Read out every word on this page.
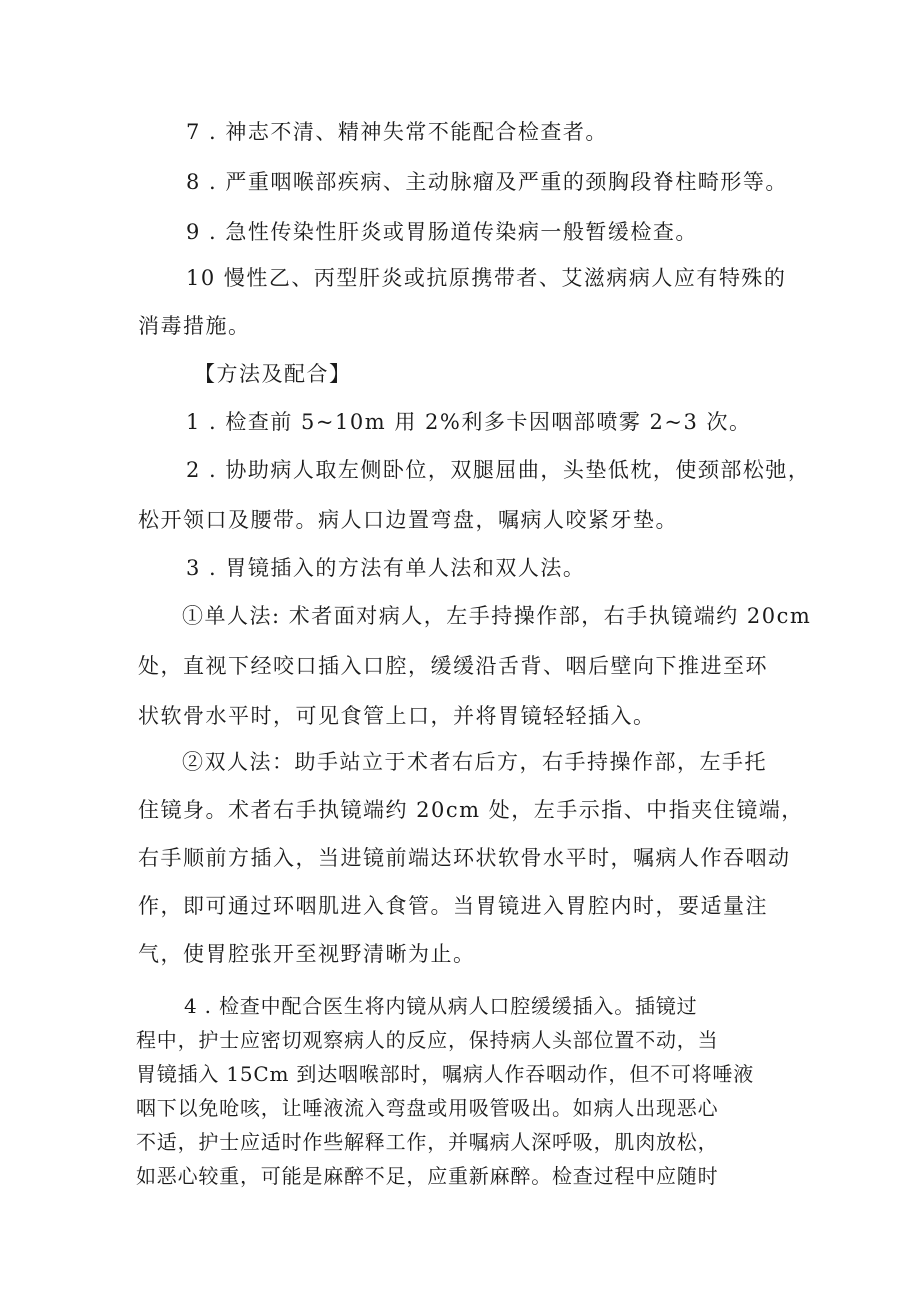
7 . 神志不清、精神失常不能配合检查者。
8 . 严重咽喉部疾病、主动脉瘤及严重的颈胸段脊柱畸形等。
9 . 急性传染性肝炎或胃肠道传染病一般暂缓检查。
10 慢性乙、丙型肝炎或抗原携带者、艾滋病病人应有特殊的
消毒措施。
【方法及配合】
1 . 检查前 5~10m 用 2%利多卡因咽部喷雾 2~3 次。
2 . 协助病人取左侧卧位，双腿屈曲，头垫低枕，使颈部松弛，
松开领口及腰带。病人口边置弯盘，嘱病人咬紧牙垫。
3 . 胃镜插入的方法有单人法和双人法。
①单人法: 术者面对病人，左手持操作部，右手执镜端约 20cm
处，直视下经咬口插入口腔，缓缓沿舌背、咽后壁向下推进至环
状软骨水平时，可见食管上口，并将胃镜轻轻插入。
②双人法：助手站立于术者右后方，右手持操作部，左手托
住镜身。术者右手执镜端约 20cm 处，左手示指、中指夹住镜端，
右手顺前方插入，当进镜前端达环状软骨水平时，嘱病人作吞咽动
作，即可通过环咽肌进入食管。当胃镜进入胃腔内时，要适量注
气，使胃腔张开至视野清晰为止。
4 . 检查中配合医生将内镜从病人口腔缓缓插入。插镜过
程中，护士应密切观察病人的反应，保持病人头部位置不动，当
胃镜插入 15Cm 到达咽喉部时，嘱病人作吞咽动作，但不可将唾液
咽下以免呛咳，让唾液流入弯盘或用吸管吸出。如病人出现恶心
不适，护士应适时作些解释工作，并嘱病人深呼吸，肌肉放松，
如恶心较重，可能是麻醉不足，应重新麻醉。检查过程中应随时
